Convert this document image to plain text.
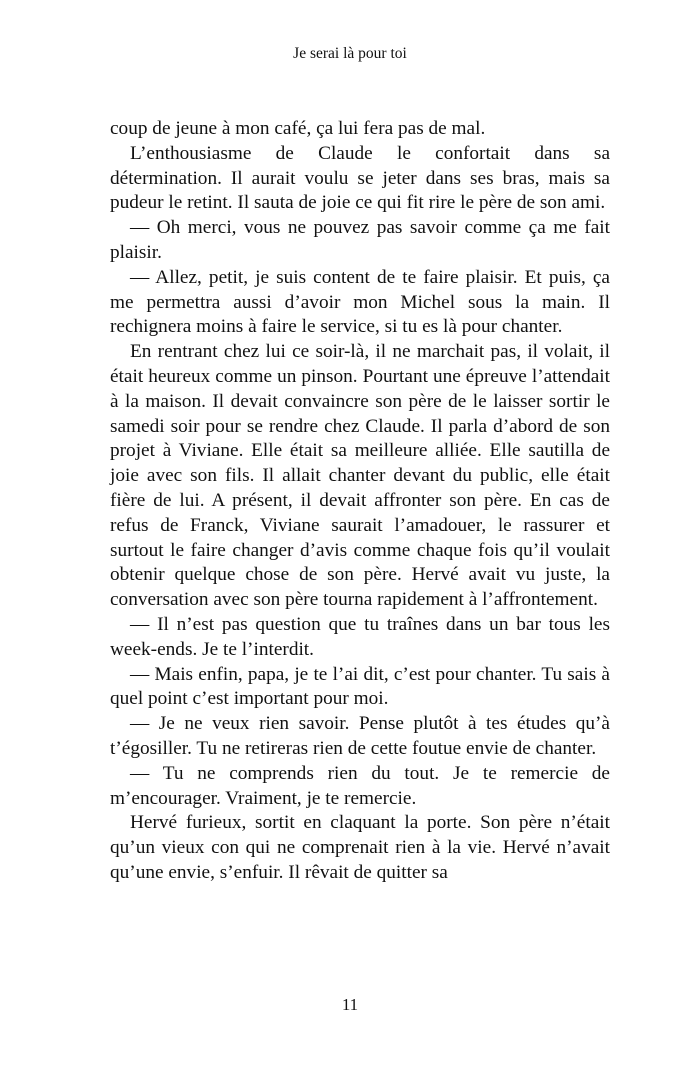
Je serai là pour toi

coup de jeune à mon café, ça lui fera pas de mal.

L’enthousiasme de Claude le confortait dans sa détermination. Il aurait voulu se jeter dans ses bras, mais sa pudeur le retint. Il sauta de joie ce qui fit rire le père de son ami.

— Oh merci, vous ne pouvez pas savoir comme ça me fait plaisir.

— Allez, petit, je suis content de te faire plaisir. Et puis, ça me permettra aussi d’avoir mon Michel sous la main. Il rechignera moins à faire le service, si tu es là pour chanter.

En rentrant chez lui ce soir-là, il ne marchait pas, il volait, il était heureux comme un pinson. Pourtant une épreuve l’attendait à la maison. Il devait convaincre son père de le laisser sortir le samedi soir pour se rendre chez Claude. Il parla d’abord de son projet à Viviane. Elle était sa meilleure alliée. Elle sautilla de joie avec son fils. Il allait chanter devant du public, elle était fière de lui. A présent, il devait affronter son père. En cas de refus de Franck, Viviane saurait l’amadouer, le rassurer et surtout le faire changer d’avis comme chaque fois qu’il voulait obtenir quelque chose de son père. Hervé avait vu juste, la conversation avec son père tourna rapidement à l’affrontement.

— Il n’est pas question que tu traînes dans un bar tous les week-ends. Je te l’interdit.

— Mais enfin, papa, je te l’ai dit, c’est pour chanter. Tu sais à quel point c’est important pour moi.

— Je ne veux rien savoir. Pense plutôt à tes études qu’à t’égosiller. Tu ne retireras rien de cette foutue envie de chanter.

— Tu ne comprends rien du tout. Je te remercie de m’encourager. Vraiment, je te remercie.

Hervé furieux, sortit en claquant la porte. Son père n’était qu’un vieux con qui ne comprenait rien à la vie. Hervé n’avait qu’une envie, s’enfuir. Il rêvait de quitter sa

11
